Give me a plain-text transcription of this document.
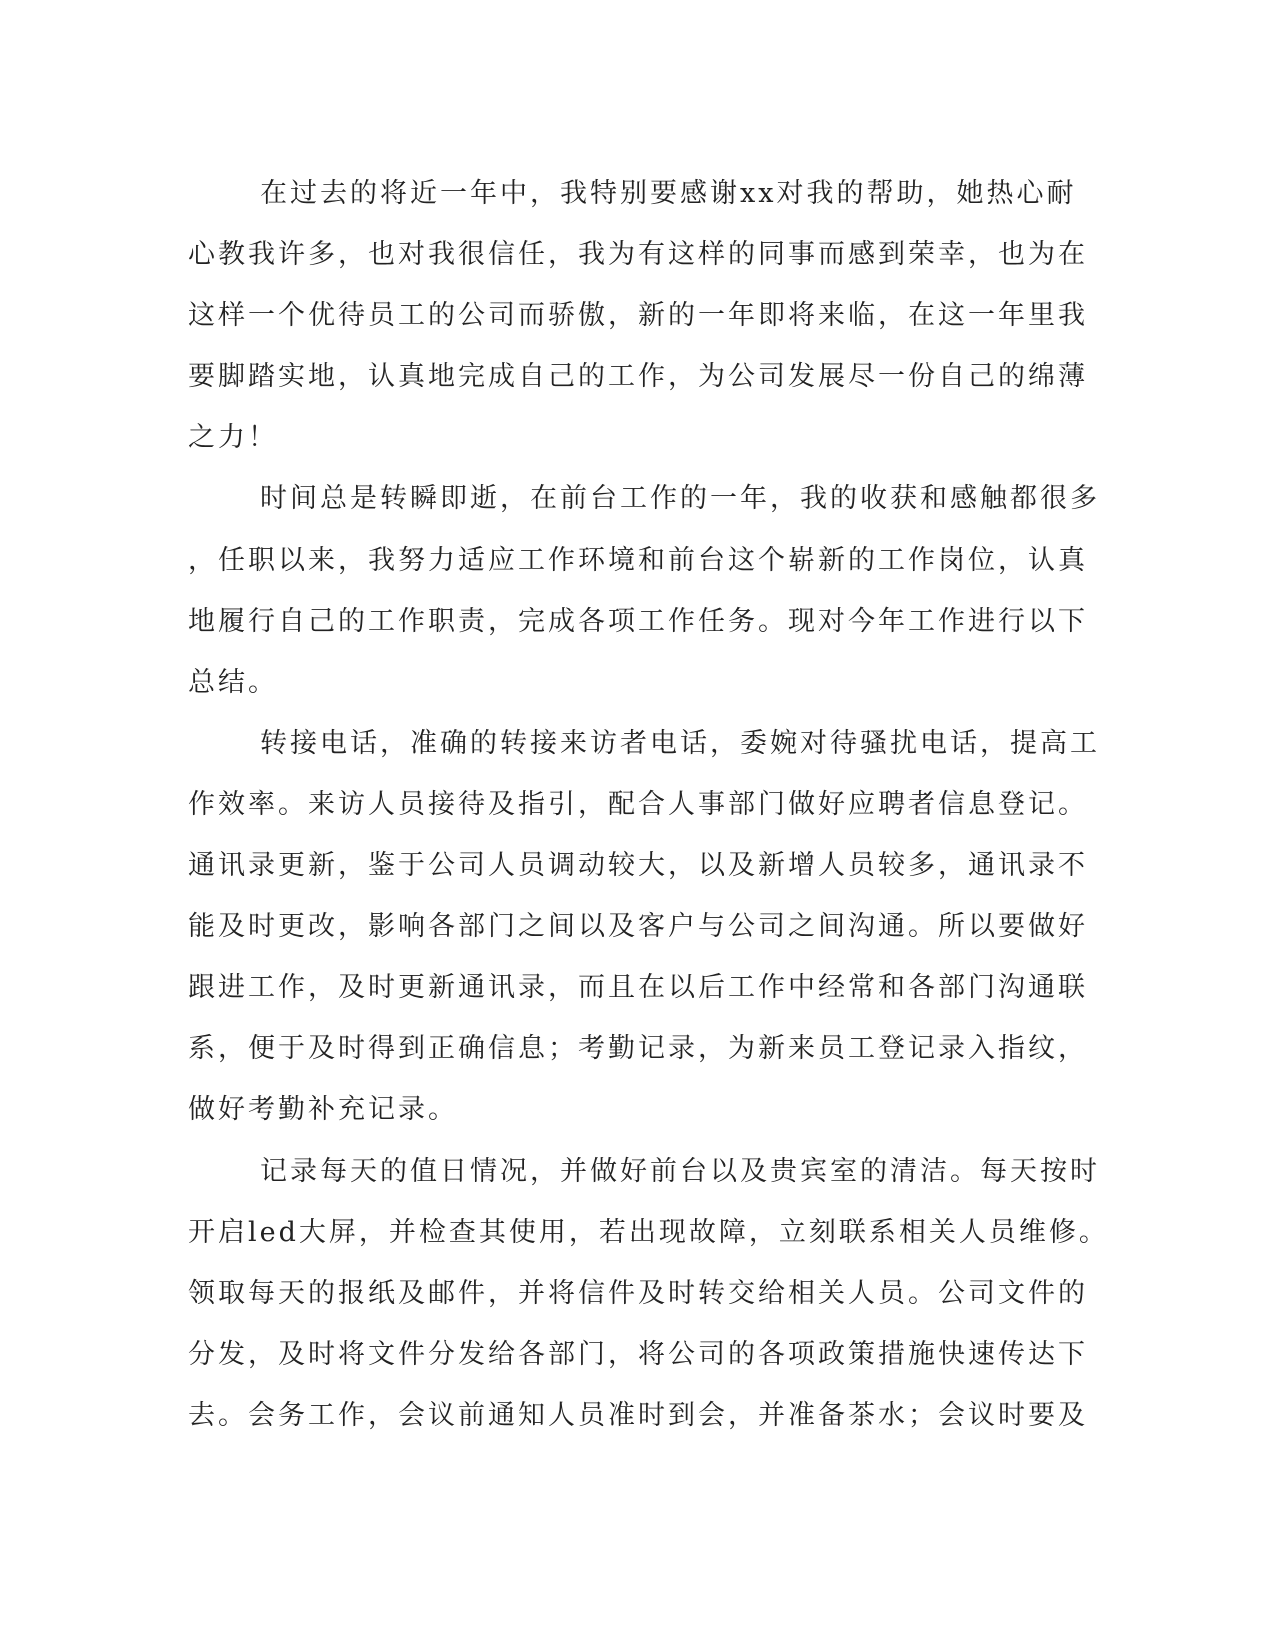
在过去的将近一年中，我特别要感谢xx对我的帮助，她热心耐
心教我许多，也对我很信任，我为有这样的同事而感到荣幸，也为在
这样一个优待员工的公司而骄傲，新的一年即将来临，在这一年里我
要脚踏实地，认真地完成自己的工作，为公司发展尽一份自己的绵薄
之力！
时间总是转瞬即逝，在前台工作的一年，我的收获和感触都很多
，任职以来，我努力适应工作环境和前台这个崭新的工作岗位，认真
地履行自己的工作职责，完成各项工作任务。现对今年工作进行以下
总结。
转接电话，准确的转接来访者电话，委婉对待骚扰电话，提高工
作效率。来访人员接待及指引，配合人事部门做好应聘者信息登记。
通讯录更新，鉴于公司人员调动较大，以及新增人员较多，通讯录不
能及时更改，影响各部门之间以及客户与公司之间沟通。所以要做好
跟进工作，及时更新通讯录，而且在以后工作中经常和各部门沟通联
系，便于及时得到正确信息；考勤记录，为新来员工登记录入指纹，
做好考勤补充记录。
记录每天的值日情况，并做好前台以及贵宾室的清洁。每天按时
开启led大屏，并检查其使用，若出现故障，立刻联系相关人员维修。
领取每天的报纸及邮件，并将信件及时转交给相关人员。公司文件的
分发，及时将文件分发给各部门，将公司的各项政策措施快速传达下
去。会务工作，会议前通知人员准时到会，并准备茶水；会议时要及
